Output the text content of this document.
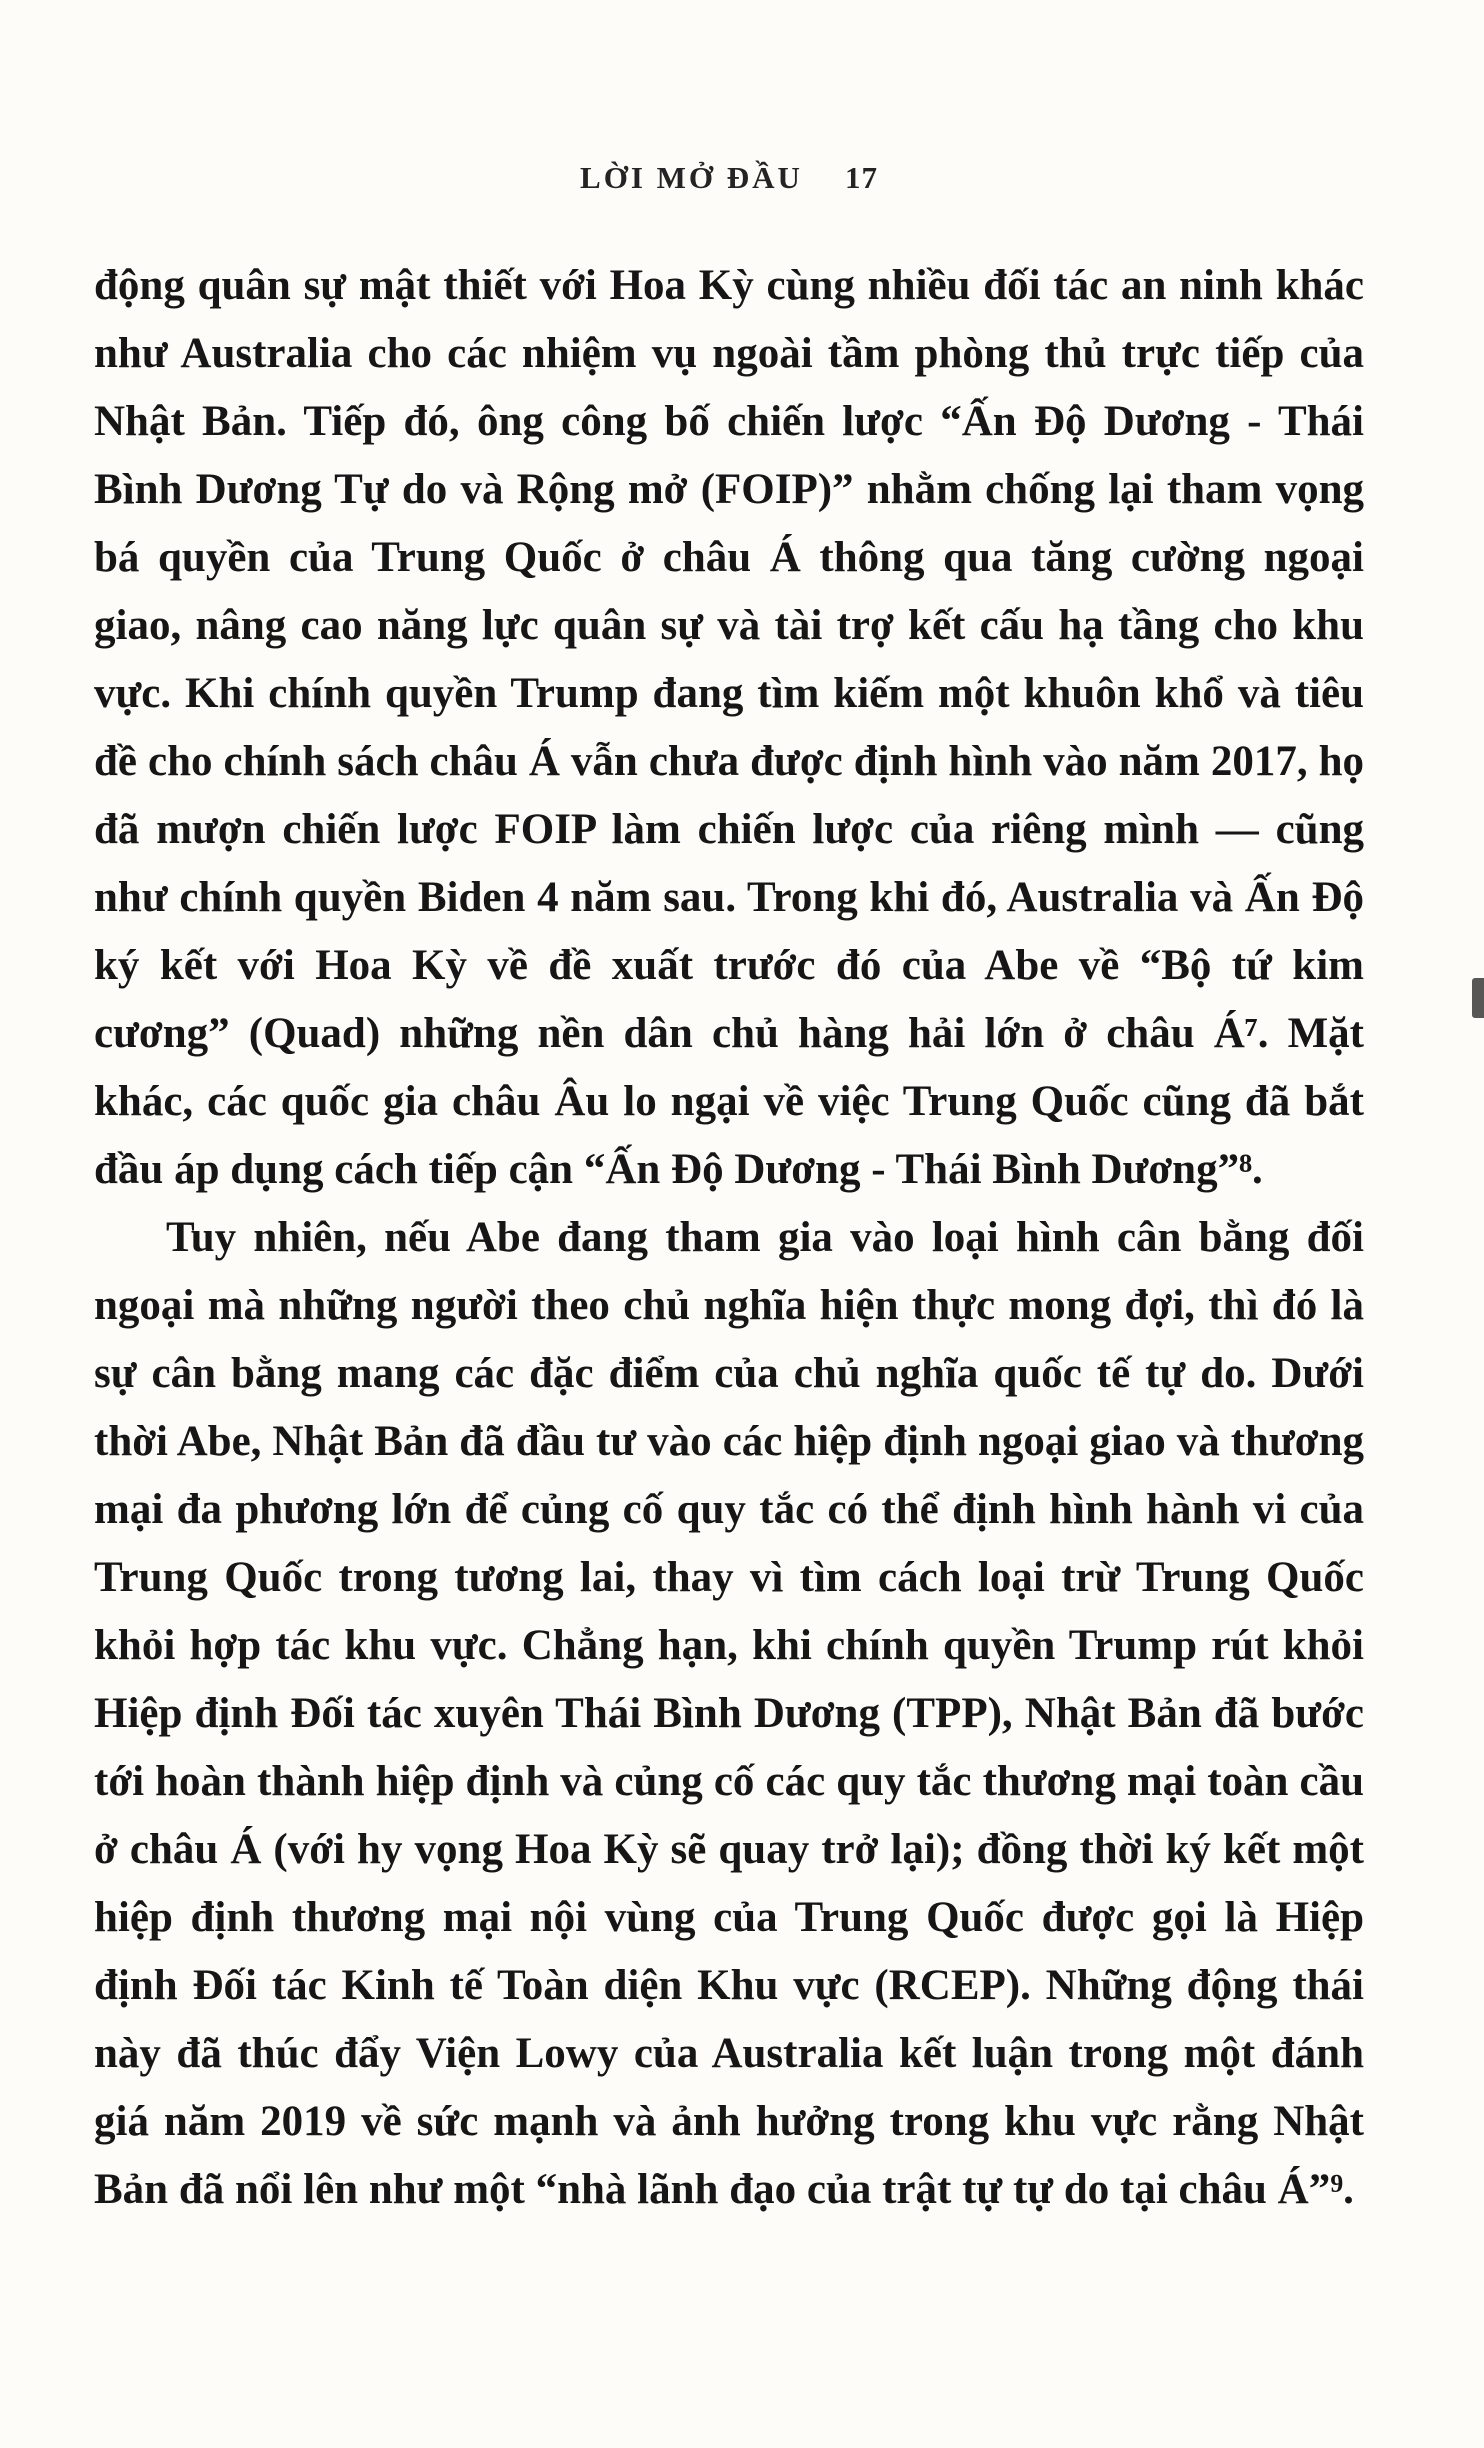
LỜI MỞ ĐẦU 17

động quân sự mật thiết với Hoa Kỳ cùng nhiều đối tác an ninh khác như Australia cho các nhiệm vụ ngoài tầm phòng thủ trực tiếp của Nhật Bản. Tiếp đó, ông công bố chiến lược “Ấn Độ Dương - Thái Bình Dương Tự do và Rộng mở (FOIP)” nhằm chống lại tham vọng bá quyền của Trung Quốc ở châu Á thông qua tăng cường ngoại giao, nâng cao năng lực quân sự và tài trợ kết cấu hạ tầng cho khu vực. Khi chính quyền Trump đang tìm kiếm một khuôn khổ và tiêu đề cho chính sách châu Á vẫn chưa được định hình vào năm 2017, họ đã mượn chiến lược FOIP làm chiến lược của riêng mình — cũng như chính quyền Biden 4 năm sau. Trong khi đó, Australia và Ấn Độ ký kết với Hoa Kỳ về đề xuất trước đó của Abe về “Bộ tứ kim cương” (Quad) những nền dân chủ hàng hải lớn ở châu Á⁷. Mặt khác, các quốc gia châu Âu lo ngại về việc Trung Quốc cũng đã bắt đầu áp dụng cách tiếp cận “Ấn Độ Dương - Thái Bình Dương”⁸.

Tuy nhiên, nếu Abe đang tham gia vào loại hình cân bằng đối ngoại mà những người theo chủ nghĩa hiện thực mong đợi, thì đó là sự cân bằng mang các đặc điểm của chủ nghĩa quốc tế tự do. Dưới thời Abe, Nhật Bản đã đầu tư vào các hiệp định ngoại giao và thương mại đa phương lớn để củng cố quy tắc có thể định hình hành vi của Trung Quốc trong tương lai, thay vì tìm cách loại trừ Trung Quốc khỏi hợp tác khu vực. Chẳng hạn, khi chính quyền Trump rút khỏi Hiệp định Đối tác xuyên Thái Bình Dương (TPP), Nhật Bản đã bước tới hoàn thành hiệp định và củng cố các quy tắc thương mại toàn cầu ở châu Á (với hy vọng Hoa Kỳ sẽ quay trở lại); đồng thời ký kết một hiệp định thương mại nội vùng của Trung Quốc được gọi là Hiệp định Đối tác Kinh tế Toàn diện Khu vực (RCEP). Những động thái này đã thúc đẩy Viện Lowy của Australia kết luận trong một đánh giá năm 2019 về sức mạnh và ảnh hưởng trong khu vực rằng Nhật Bản đã nổi lên như một “nhà lãnh đạo của trật tự tự do tại châu Á”⁹.
